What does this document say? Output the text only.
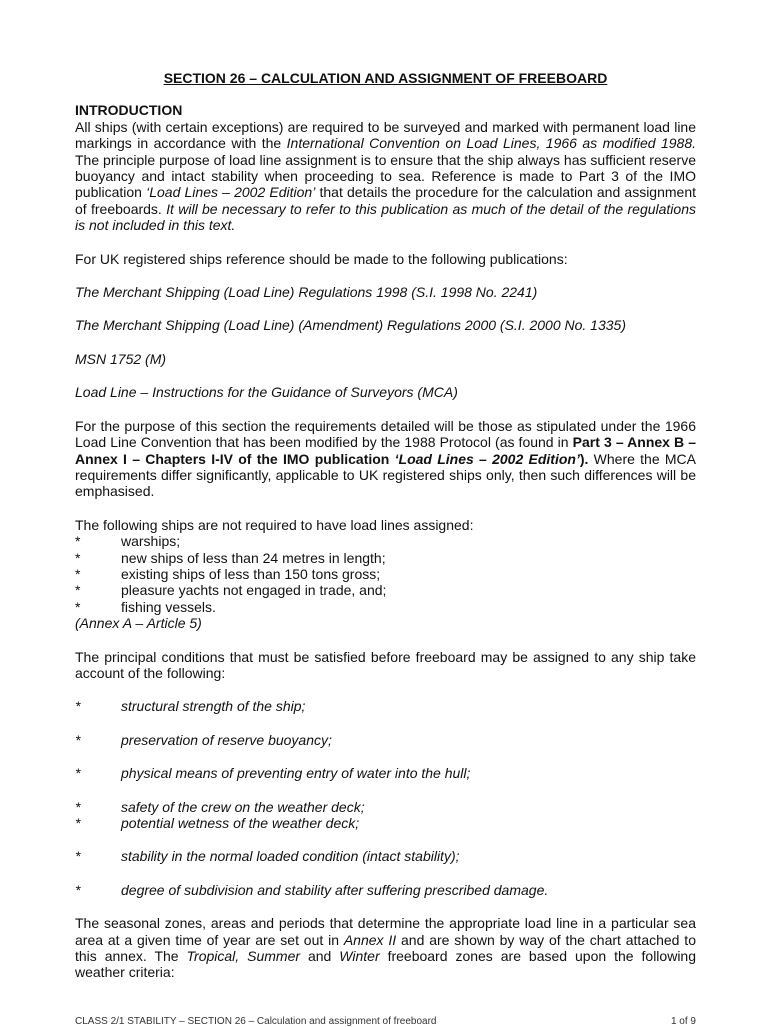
SECTION 26 – CALCULATION AND ASSIGNMENT OF FREEBOARD

INTRODUCTION

All ships (with certain exceptions) are required to be surveyed and marked with permanent load line markings in accordance with the International Convention on Load Lines, 1966 as modified 1988. The principle purpose of load line assignment is to ensure that the ship always has sufficient reserve buoyancy and intact stability when proceeding to sea. Reference is made to Part 3 of the IMO publication ‘Load Lines – 2002 Edition’ that details the procedure for the calculation and assignment of freeboards. It will be necessary to refer to this publication as much of the detail of the regulations is not included in this text.

For UK registered ships reference should be made to the following publications:

The Merchant Shipping (Load Line) Regulations 1998 (S.I. 1998 No. 2241)

The Merchant Shipping (Load Line) (Amendment) Regulations 2000 (S.I. 2000 No. 1335)

MSN 1752 (M)

Load Line – Instructions for the Guidance of Surveyors (MCA)

For the purpose of this section the requirements detailed will be those as stipulated under the 1966 Load Line Convention that has been modified by the 1988 Protocol (as found in Part 3 – Annex B – Annex I – Chapters I-IV of the IMO publication ‘Load Lines – 2002 Edition’). Where the MCA requirements differ significantly, applicable to UK registered ships only, then such differences will be emphasised.

The following ships are not required to have load lines assigned:

*	warships;
*	new ships of less than 24 metres in length;
*	existing ships of less than 150 tons gross;
*	pleasure yachts not engaged in trade, and;
*	fishing vessels.

(Annex A – Article 5)

The principal conditions that must be satisfied before freeboard may be assigned to any ship take account of the following:

*	structural strength of the ship;
*	preservation of reserve buoyancy;
*	physical means of preventing entry of water into the hull;
*	safety of the crew on the weather deck;
*	potential wetness of the weather deck;
*	stability in the normal loaded condition (intact stability);
*	degree of subdivision and stability after suffering prescribed damage.

The seasonal zones, areas and periods that determine the appropriate load line in a particular sea area at a given time of year are set out in Annex II and are shown by way of the chart attached to this annex. The Tropical, Summer and Winter freeboard zones are based upon the following weather criteria:

CLASS 2/1 STABILITY – SECTION 26 – Calculation and assignment of freeboard	1 of 9
